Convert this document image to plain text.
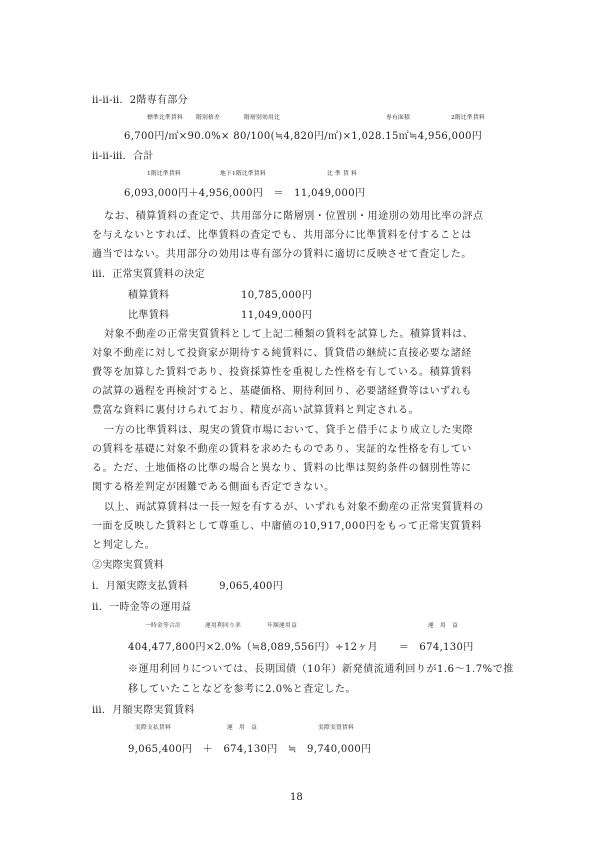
ⅱ-ⅱ-ⅱ．2階専有部分
標準比準賃料 階別格差	階層別効用比	専有面積	2階比準賃料
6,700円/㎡×90.0%× 80/100(≒4,820円/㎡)×1,028.15㎡≒4,956,000円
ⅱ-ⅱ-ⅲ．合計
1階比準賃料	地下1階比準賃料	比 準 賃 料
6,093,000円＋4,956,000円　＝　11,049,000円
なお、積算賃料の査定で、共用部分に階層別・位置別・用途別の効用比率の評点
を与えないとすれば、比準賃料の査定でも、共用部分に比準賃料を付することは
適当ではない。共用部分の効用は専有部分の賃料に適切に反映させて査定した。
ⅲ．正常実質賃料の決定
積算賃料	10,785,000円
比準賃料	11,049,000円
対象不動産の正常実質賃料として上記二種類の賃料を試算した。積算賃料は、
対象不動産に対して投資家が期待する純賃料に、賃貸借の継続に直接必要な諸経
費等を加算した賃料であり、投資採算性を重視した性格を有している。積算賃料
の試算の過程を再検討すると、基礎価格、期待利回り、必要諸経費等はいずれも
豊富な資料に裏付けられており、精度が高い試算賃料と判定される。
一方の比準賃料は、現実の賃貸市場において、貸手と借手により成立した実際
の賃料を基礎に対象不動産の賃料を求めたものであり、実証的な性格を有してい
る。ただ、土地価格の比準の場合と異なり、賃料の比準は契約条件の個別性等に
関する格差判定が困難である側面も否定できない。
以上、両試算賃料は一長一短を有するが、いずれも対象不動産の正常実質賃料の
一面を反映した賃料として尊重し、中庸値の10,917,000円をもって正常実質賃料
と判定した。
②実際実質賃料
ⅰ．月額実際支払賃料　　　9,065,400円
ⅱ．一時金等の運用益
一時金等合計	運用利回り率	年額運用益	運　用　益
404,477,800円×2.0%（≒8,089,556円）÷12ヶ月　　＝　674,130円
※運用利回りについては、長期国債（10年）新発債流通利回りが1.6～1.7%で推
移していたことなどを参考に2.0%と査定した。
ⅲ．月額実際実質賃料
実際支払賃料	運　用　益	実際実質賃料
9,065,400円　＋　674,130円　≒　9,740,000円
18
